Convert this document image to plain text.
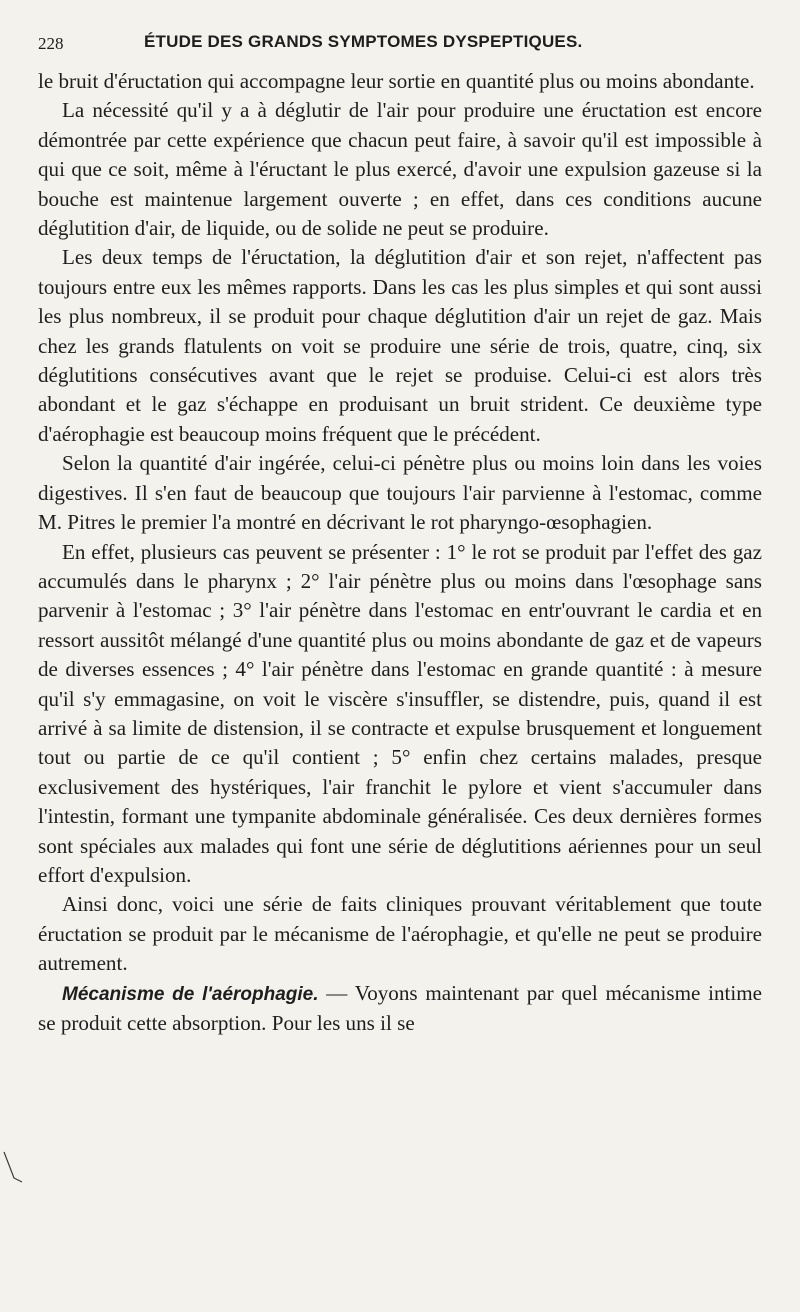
228	ÉTUDE DES GRANDS SYMPTOMES DYSPEPTIQUES.

le bruit d'éructation qui accompagne leur sortie en quantité plus ou moins abondante.

La nécessité qu'il y a à déglutir de l'air pour produire une éructation est encore démontrée par cette expérience que chacun peut faire, à savoir qu'il est impossible à qui que ce soit, même à l'éructant le plus exercé, d'avoir une expulsion gazeuse si la bouche est maintenue largement ouverte ; en effet, dans ces conditions aucune déglutition d'air, de liquide, ou de solide ne peut se produire.

Les deux temps de l'éructation, la déglutition d'air et son rejet, n'affectent pas toujours entre eux les mêmes rapports. Dans les cas les plus simples et qui sont aussi les plus nombreux, il se produit pour chaque déglutition d'air un rejet de gaz. Mais chez les grands flatulents on voit se produire une série de trois, quatre, cinq, six déglutitions consécutives avant que le rejet se produise. Celui-ci est alors très abondant et le gaz s'échappe en produisant un bruit strident. Ce deuxième type d'aérophagie est beaucoup moins fréquent que le précédent.

Selon la quantité d'air ingérée, celui-ci pénètre plus ou moins loin dans les voies digestives. Il s'en faut de beaucoup que toujours l'air parvienne à l'estomac, comme M. Pitres le premier l'a montré en décrivant le rot pharyngo-œsophagien.

En effet, plusieurs cas peuvent se présenter : 1° le rot se produit par l'effet des gaz accumulés dans le pharynx ; 2° l'air pénètre plus ou moins dans l'œsophage sans parvenir à l'estomac ; 3° l'air pénètre dans l'estomac en entr'ouvrant le cardia et en ressort aussitôt mélangé d'une quantité plus ou moins abondante de gaz et de vapeurs de diverses essences ; 4° l'air pénètre dans l'estomac en grande quantité : à mesure qu'il s'y emmagasine, on voit le viscère s'insuffler, se distendre, puis, quand il est arrivé à sa limite de distension, il se contracte et expulse brusquement et longuement tout ou partie de ce qu'il contient ; 5° enfin chez certains malades, presque exclusivement des hystériques, l'air franchit le pylore et vient s'accumuler dans l'intestin, formant une tympanite abdominale généralisée. Ces deux dernières formes sont spéciales aux malades qui font une série de déglutitions aériennes pour un seul effort d'expulsion.

Ainsi donc, voici une série de faits cliniques prouvant véritablement que toute éructation se produit par le mécanisme de l'aérophagie, et qu'elle ne peut se produire autrement.

Mécanisme de l'aérophagie. — Voyons maintenant par quel mécanisme intime se produit cette absorption. Pour les uns il se
